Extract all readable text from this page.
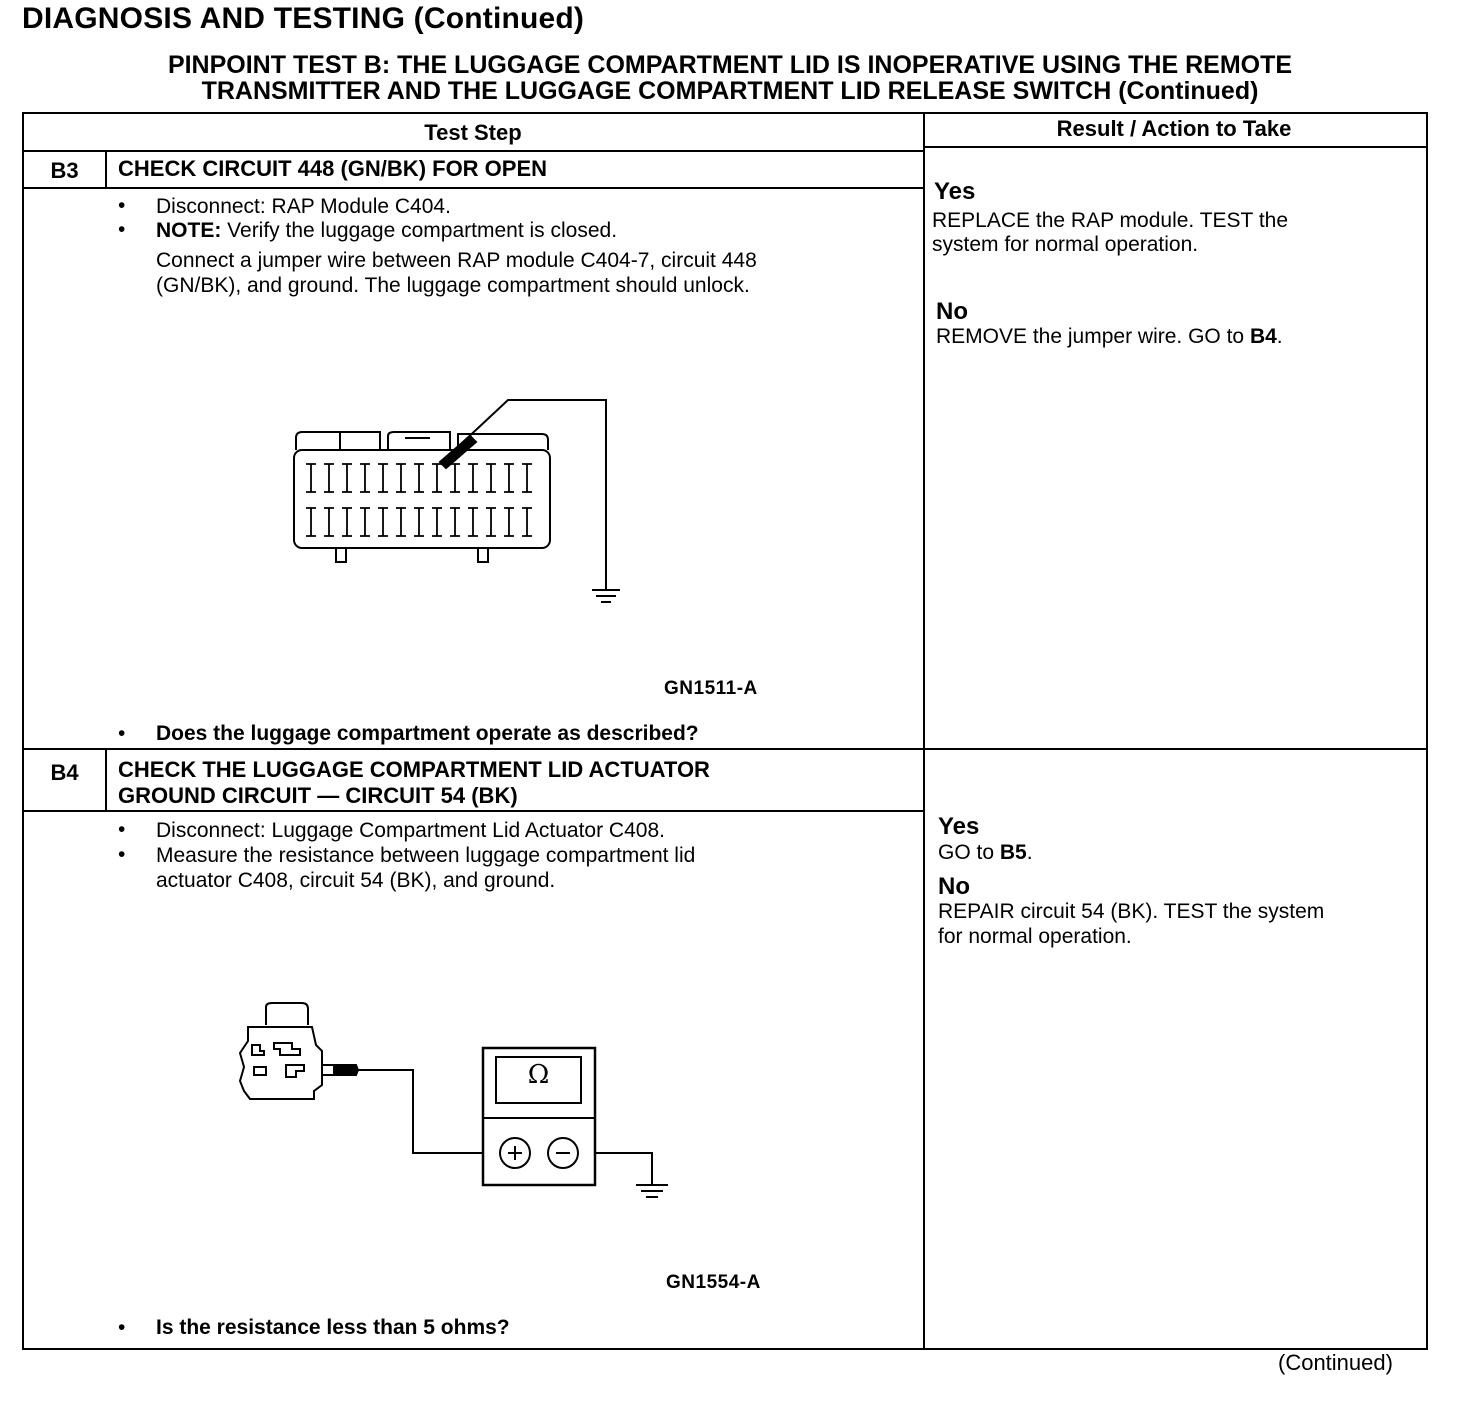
DIAGNOSIS AND TESTING (Continued)
PINPOINT TEST B: THE LUGGAGE COMPARTMENT LID IS INOPERATIVE USING THE REMOTE
TRANSMITTER AND THE LUGGAGE COMPARTMENT LID RELEASE SWITCH (Continued)
Test Step	Result / Action to Take
B3	CHECK CIRCUIT 448 (GN/BK) FOR OPEN
• Disconnect: RAP Module C404.
• NOTE: Verify the luggage compartment is closed.
Connect a jumper wire between RAP module C404-7, circuit 448
(GN/BK), and ground. The luggage compartment should unlock.
GN1511-A
• Does the luggage compartment operate as described?
Yes
REPLACE the RAP module. TEST the
system for normal operation.
No
REMOVE the jumper wire. GO to B4.
B4	CHECK THE LUGGAGE COMPARTMENT LID ACTUATOR
GROUND CIRCUIT — CIRCUIT 54 (BK)
• Disconnect: Luggage Compartment Lid Actuator C408.
• Measure the resistance between luggage compartment lid
actuator C408, circuit 54 (BK), and ground.
Ω
GN1554-A
• Is the resistance less than 5 ohms?
Yes
GO to B5.
No
REPAIR circuit 54 (BK). TEST the system
for normal operation.
(Continued)
